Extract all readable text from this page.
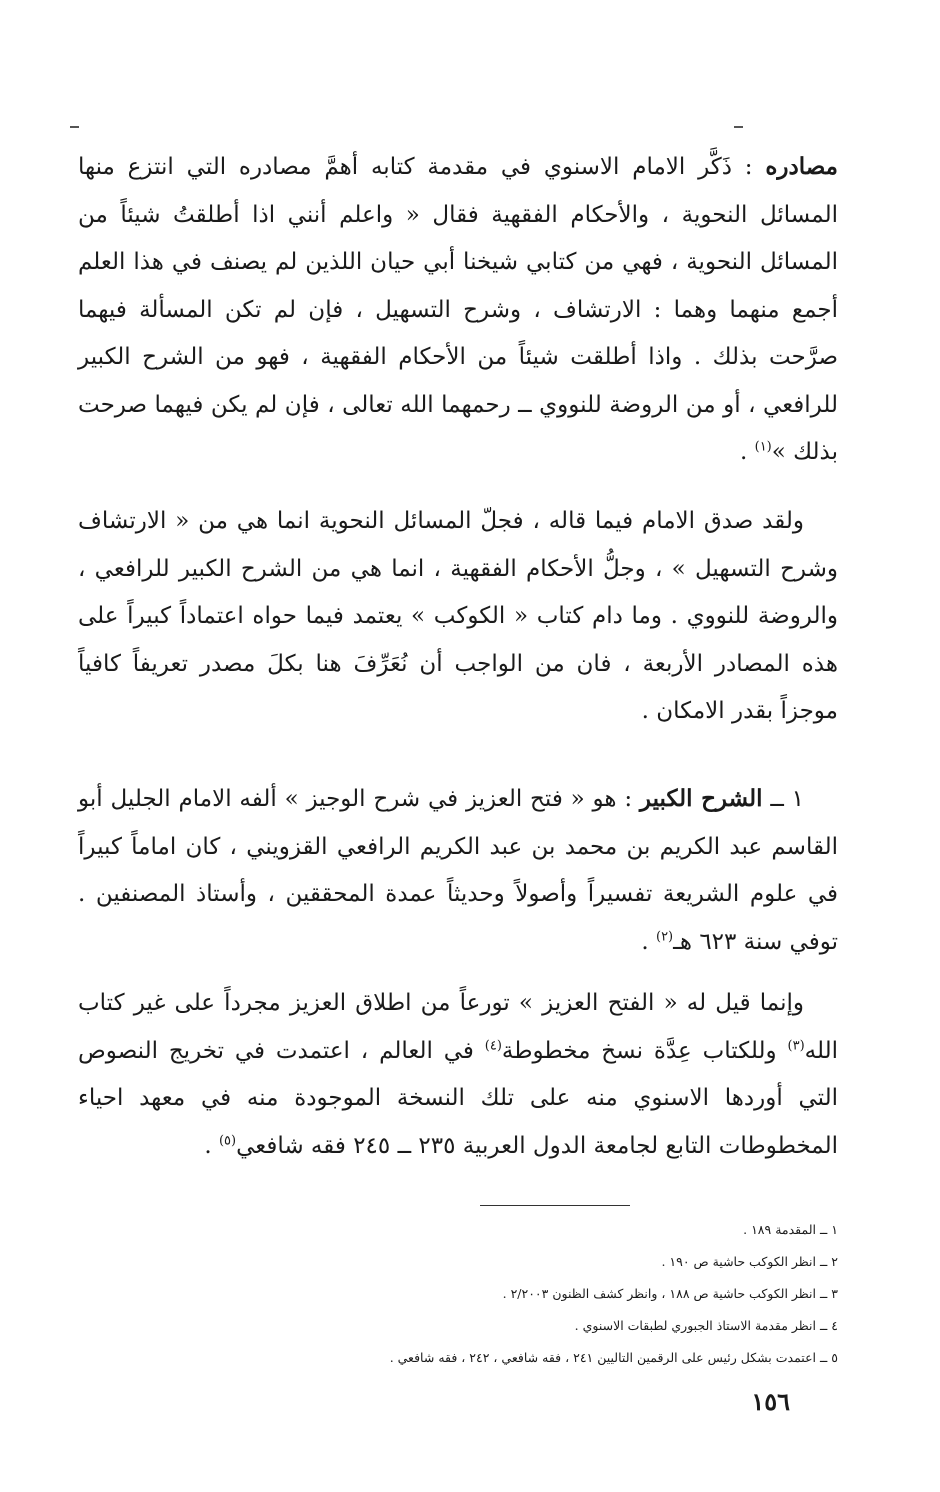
مصادره : ذَكَّر الامام الاسنوي في مقدمة كتابه أهمَّ مصادره التي انتزع منها المسائل النحوية ، والأحكام الفقهية فقال « واعلم أنني اذا أطلقتُ شيئاً من المسائل النحوية ، فهي من كتابي شيخنا أبي حيان اللذين لم يصنف في هذا العلم أجمع منهما وهما : الارتشاف ، وشرح التسهيل ، فإن لم تكن المسألة فيهما صرَّحت بذلك . واذا أطلقت شيئاً من الأحكام الفقهية ، فهو من الشرح الكبير للرافعي ، أو من الروضة للنووي ــ رحمهما الله تعالى ، فإن لم يكن فيهما صرحت بذلك »$^{(١)}$ .

ولقد صدق الامام فيما قاله ، فجلّ المسائل النحوية انما هي من « الارتشاف وشرح التسهيل » ، وجلُّ الأحكام الفقهية ، انما هي من الشرح الكبير للرافعي ، والروضة للنووي . وما دام كتاب « الكوكب » يعتمد فيما حواه اعتماداً كبيراً على هذه المصادر الأربعة ، فان من الواجب أن نُعَرِّفَ هنا بكلَ مصدر تعريفاً كافياً موجزاً بقدر الامكان .

١ ــ الشرح الكبير : هو « فتح العزيز في شرح الوجيز » ألفه الامام الجليل أبو القاسم عبد الكريم بن محمد بن عبد الكريم الرافعي القزويني ، كان اماماً كبيراً في علوم الشريعة تفسيراً وأصولاً وحديثاً عمدة المحققين ، وأستاذ المصنفين . توفي سنة ٦٢٣ هـ$^{(٢)}$ .

وإنما قيل له « الفتح العزيز » تورعاً من اطلاق العزيز مجرداً على غير كتاب الله$^{(٣)}$ وللكتاب عِدَّة نسخ مخطوطة$^{(٤)}$ في العالم ، اعتمدت في تخريج النصوص التي أوردها الاسنوي منه على تلك النسخة الموجودة منه في معهد احياء المخطوطات التابع لجامعة الدول العربية ٢٣٥ ــ ٢٤٥ فقه شافعي$^{(٥)}$ .

١ ــ المقدمة ١٨٩ .
٢ ــ انظر الكوكب حاشية ص ١٩٠ .
٣ ــ انظر الكوكب حاشية ص ١٨٨ ، وانظر كشف الظنون ٢/٢٠٠٣ .
٤ ــ انظر مقدمة الاستاذ الجبوري لطبقات الاسنوي .
٥ ــ اعتمدت بشكل رئيس على الرقمين التاليين ٢٤١ ، فقه شافعي ، ٢٤٢ ، فقه شافعي .
١٥٦
